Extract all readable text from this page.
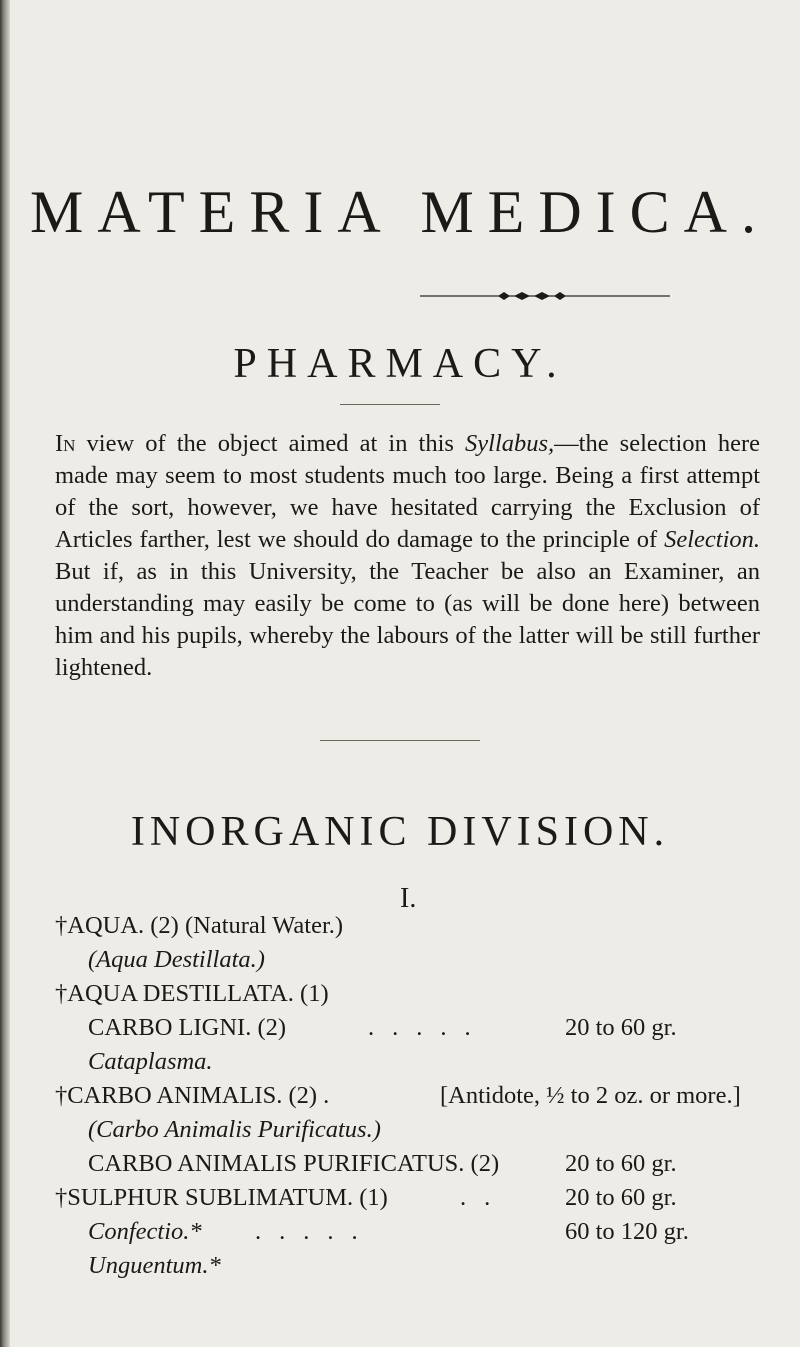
MATERIA MEDICA.
PHARMACY.

In view of the object aimed at in this Syllabus,—the selection here made may seem to most students much too large. Being a first attempt of the sort, however, we have hesitated carrying the Exclusion of Articles farther, lest we should do damage to the principle of Selection. But if, as in this University, the Teacher be also an Examiner, an understanding may easily be come to (as will be done here) between him and his pupils, whereby the labours of the latter will be still further lightened.

INORGANIC DIVISION.
I.
†AQUA. (2) (Natural Water.)
(Aqua Destillata.)
†AQUA DESTILLATA. (1)
CARBO LIGNI. (2)	.....	20 to 60 gr.
Cataplasma.
†CARBO ANIMALIS. (2) .	[Antidote, ½ to 2 oz. or more.]
(Carbo Animalis Purificatus.)
CARBO ANIMALIS PURIFICATUS. (2)	20 to 60 gr.
†SULPHUR SUBLIMATUM. (1)	.. 20 to 60 gr.
Confectio.* .....	60 to 120 gr.
Unguentum.*
